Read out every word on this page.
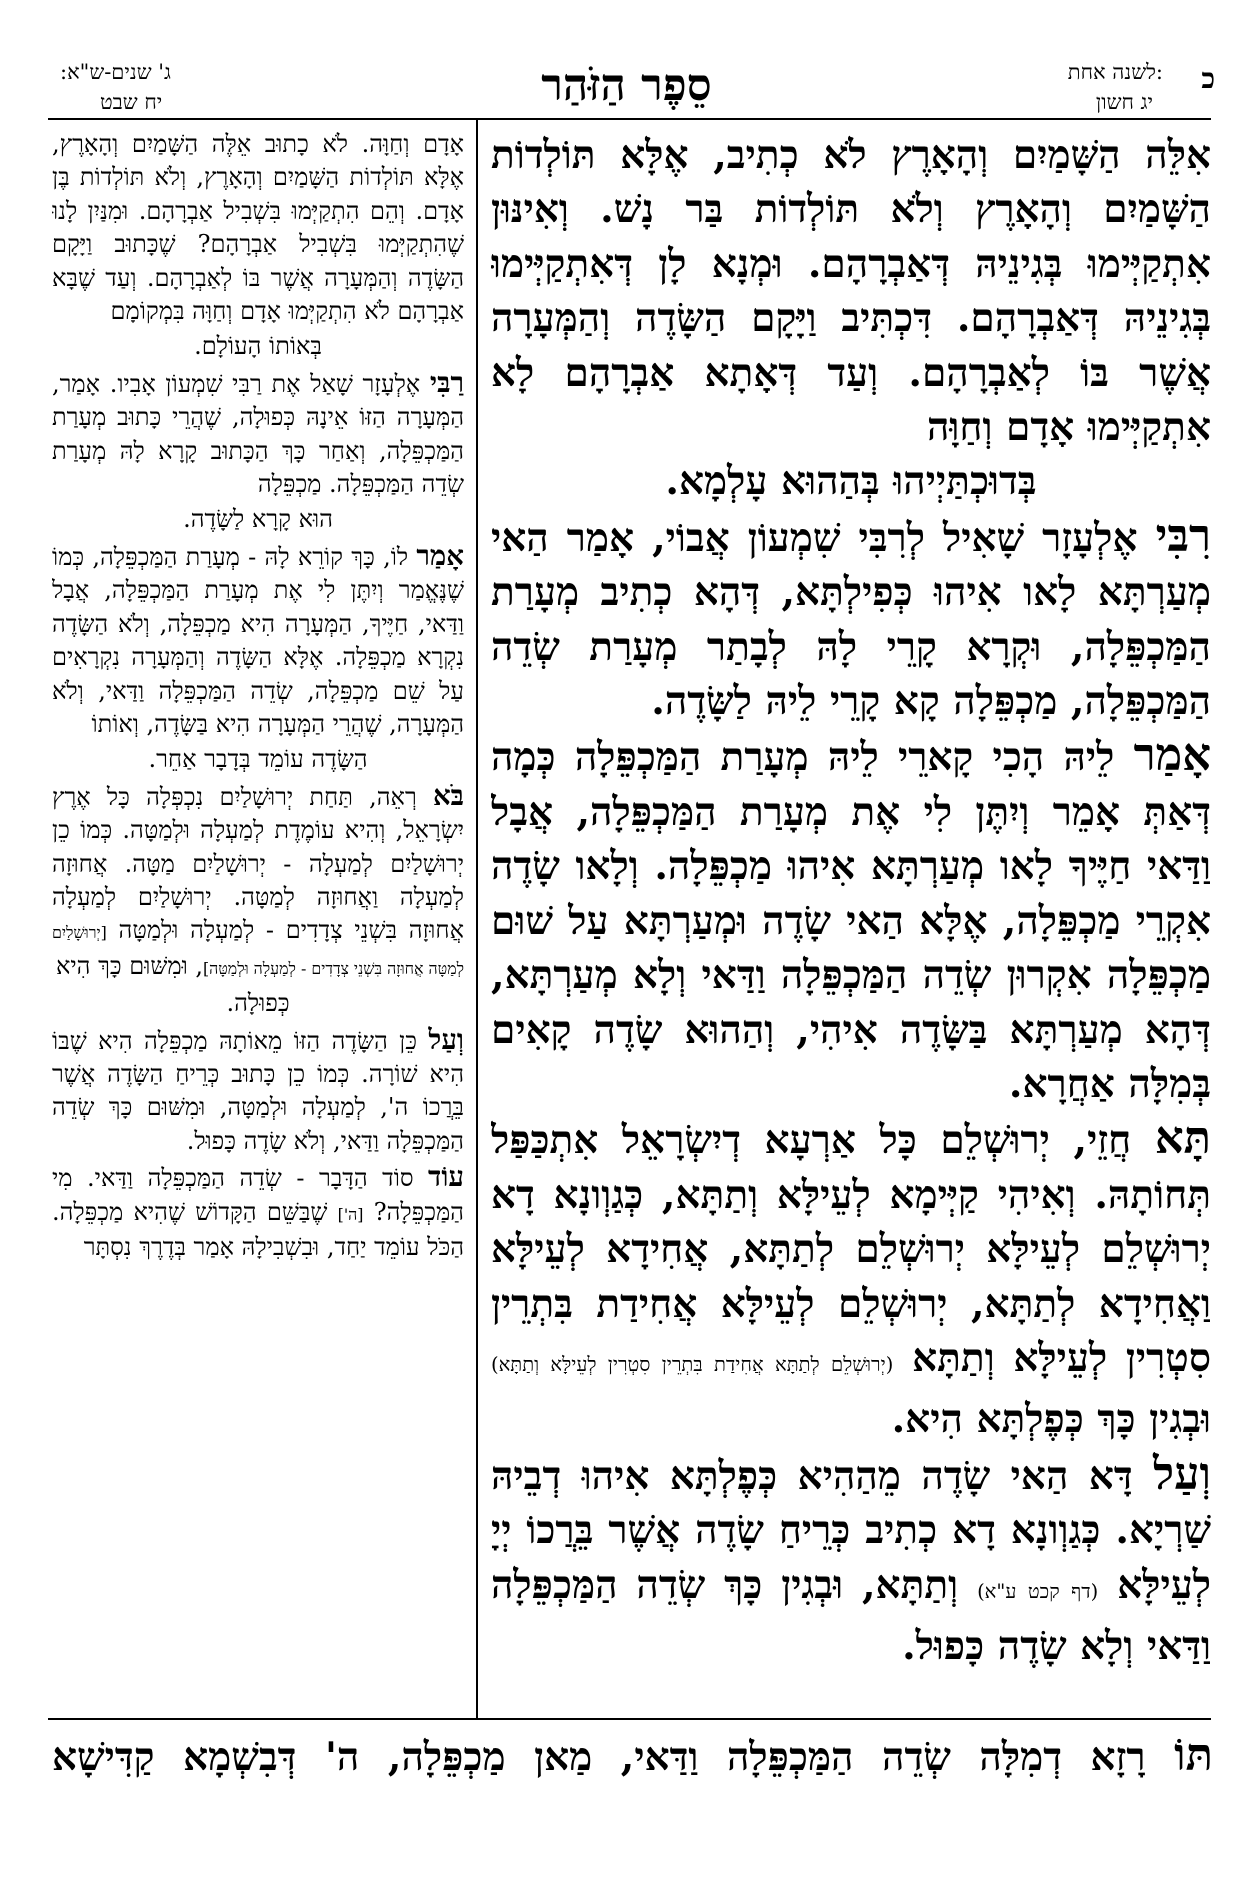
כ
לשנה אחת:
יג חשון
סֵפֶר הַזֹּהַר
ג' שנים-ש"א:
יח שבט

אִלֵּה הַשָּׁמַיִם וְהָאָרֶץ לֹא כְתִיב, אֶלָּא תּוֹלְדוֹת הַשָּׁמַיִם וְהָאָרֶץ וְלֹא תּוֹלְדוֹת בַּר נָשׁ. וְאִינּוּן אִתְקַיְּימוּ בְּגִינֵיהּ דְּאַבְרָהָם. וּמְנָא לָן דְּאִתְקַיְּימוּ בְּגִינֵיהּ דְּאַבְרָהָם. דִּכְתִּיב וַיָּקָם הַשָּׂדֶה וְהַמְּעָרָה אֲשֶׁר בּוֹ לְאַבְרָהָם. וְעַד דְּאָתָא אַבְרָהָם לָא אִתְקַיְּימוּ אָדָם וְחַוָּה

בְּדוּכְתַּיְיהוּ בְּהַהוּא עָלְמָא.

רִבִּי אֶלְעָזָר שָׁאִיל לְרִבִּי שִׁמְעוֹן אֲבוֹי, אָמַר הַאי מְעַרְתָּא לָאו אִיהוּ כְּפִילְתָּא, דְּהָא כְתִיב מְעָרַת הַמַּכְפֵּלָה, וּקְרָא קָרֵי לָהּ לְבָתַר מְעָרַת שְׂדֵה הַמַּכְפֵּלָה, מַכְפֵּלָה קָא קָרֵי לֵיהּ לַשָּׂדֶה.

אָמַר לֵיהּ הָכִי קָארֵי לֵיהּ מְעָרַת הַמַּכְפֵּלָה כְּמָה דְּאַתְּ אָמֵר וְיִתֶּן לִי אֶת מְעָרַת הַמַּכְפֵּלָה, אֲבָל וַדַּאי חַיֶּיךָ לָאו מְעַרְתָּא אִיהוּ מַכְפֵּלָה. וְלָאו שָׂדֶה אִקְרֵי מַכְפֵּלָה, אֶלָּא הַאי שָׂדֶה וּמְעַרְתָּא עַל שׁוּם מַכְפֵּלָה אִקְרוּן שְׂדֵה הַמַּכְפֵּלָה וַדַּאי וְלָא מְעַרְתָּא, דְּהָא מְעַרְתָּא בַּשָּׂדֶה אִיהִי, וְהַהוּא שָׂדֶה קָאִים בְּמִלָּה אַחֲרָא.

תָּא חֲזֵי, יְרוּשְׁלֵם כָּל אַרְעָא דְיִשְׂרָאֵל אִתְכַּפַּל תְּחוֹתָהּ. וְאִיהִי קַיְּימָא לְעֵילָּא וְתַתָּא, כְּגַוְונָא דָא יְרוּשְׁלֵם לְעֵילָּא יְרוּשְׁלֵם לְתַתָּא, אֲחִידָא לְעֵילָּא וַאֲחִידָא לְתַתָּא, יְרוּשְׁלֵם לְעֵילָּא אֲחִידַת בִּתְרֵין סִטְרִין לְעֵילָּא וְתַתָּא (יְרוּשְׁלֵם לְתַתָּא אֲחִידַת בִּתְרֵין סִטְרִין לְעֵילָּא וְתַתָּא) וּבְגִין כָּךְ כְּפֶלְתָּא הִיא.

וְעַל דָּא הַאי שָׂדֶה מֵהַהִיא כְּפֶלְתָּא אִיהוּ דְבֵיהּ שַׁרְיָא. כְּגַוְונָא דָא כְתִיב כְּרֵיחַ שָׂדֶה אֲשֶׁר בֵּרֲכוֹ יְיָ לְעֵילָּא (דף קכט ע"א) וְתַתָּא, וּבְגִין כָּךְ שְׂדֵה הַמַּכְפֵּלָה וַדַּאי וְלָא שָׂדֶה כָּפוּל.

אָדָם וְחַוָּה. לֹא כָתוּב אֵלֶּה הַשָּׁמַיִם וְהָאָרֶץ, אֶלָּא תּוֹלְדוֹת הַשָּׁמַיִם וְהָאָרֶץ, וְלֹא תּוֹלְדוֹת בֶּן אָדָם. וְהֵם הִתְקַיְּמוּ בִּשְׁבִיל אַבְרָהָם. וּמִנַּיִן לָנוּ שֶׁהִתְקַיְּמוּ בִּשְׁבִיל אַבְרָהָם? שֶׁכָּתוּב וַיָּקָם הַשָּׂדֶה וְהַמְּעָרָה אֲשֶׁר בּוֹ לְאַבְרָהָם. וְעַד שֶׁבָּא אַבְרָהָם לֹא הִתְקַיְּמוּ אָדָם וְחַוָּה בִּמְקוֹמָם

בְּאוֹתוֹ הָעוֹלָם.

רַבִּי אֶלְעָזָר שָׁאַל אֶת רַבִּי שִׁמְעוֹן אָבִיו. אָמַר, הַמְּעָרָה הַזּוֹ אֵינָהּ כְּפוּלָה, שֶׁהֲרֵי כָּתוּב מְעָרַת הַמַּכְפֵּלָה, וְאַחַר כָּךְ הַכָּתוּב קָרָא לָהּ מְעָרַת שְׂדֵה הַמַּכְפֵּלָה. מַכְפֵּלָה

הוּא קָרָא לַשָּׂדֶה.

אָמַר לוֹ, כָּךְ קוֹרֵא לָהּ - מְעָרַת הַמַּכְפֵּלָה, כְּמוֹ שֶׁנֶּאֱמַר וְיִתֶּן לִי אֶת מְעָרַת הַמַּכְפֵּלָה, אֲבָל וַדַּאי, חַיֶּיךָ, הַמְּעָרָה הִיא מַכְפֵּלָה, וְלֹא הַשָּׂדֶה נִקְרָא מַכְפֵּלָה. אֶלָּא הַשָּׂדֶה וְהַמְּעָרָה נִקְרָאִים עַל שֵׁם מַכְפֵּלָה, שְׂדֵה הַמַּכְפֵּלָה וַדַּאי, וְלֹא הַמְּעָרָה, שֶׁהֲרֵי הַמְּעָרָה הִיא בַּשָּׂדֶה, וְאוֹתוֹ

הַשָּׂדֶה עוֹמֵד בְּדָבָר אַחֵר.

בֹּא רְאֵה, תַּחַת יְרוּשָׁלַיִם נִכְפְּלָה כָּל אֶרֶץ יִשְׂרָאֵל, וְהִיא עוֹמֶדֶת לְמַעְלָה וּלְמַטָּה. כְּמוֹ כֵן יְרוּשָׁלַיִם לְמַעְלָה - יְרוּשָׁלַיִם מַטָּה. אֲחוּזָה לְמַעְלָה וַאֲחוּזָה לְמַטָּה. יְרוּשָׁלַיִם לְמַעְלָה אֲחוּזָה בִּשְׁנֵי צְדָדִים - לְמַעְלָה וּלְמַטָּה [יְרוּשָׁלַיִם לְמַטָּה אֲחוּזָה בִּשְׁנֵי צְדָדִים - לְמַעְלָה וּלְמַטָּה], וּמִשּׁוּם כָּךְ הִיא

כְּפוּלָה.

וְעַל כֵּן הַשָּׂדֶה הַזּוֹ מֵאוֹתָהּ מַכְפֵּלָה הִיא שֶׁבּוֹ הִיא שׁוֹרָה. כְּמוֹ כֵן כָּתוּב כְּרֵיחַ הַשָּׂדֶה אֲשֶׁר בֵּרֲכוֹ ה', לְמַעְלָה וּלְמַטָּה, וּמִשּׁוּם כָּךְ שְׂדֵה הַמַּכְפֵּלָה וַדַּאי, וְלֹא שָׂדֶה כָּפוּל.

עוֹד סוֹד הַדָּבָר - שְׂדֵה הַמַּכְפֵּלָה וַדַּאי. מִי הַמַּכְפֵּלָה? [ה'] שֶׁבַּשֵּׁם הַקָּדוֹשׁ שֶׁהִיא מַכְפֵּלָה. הַכֹּל עוֹמֵד יַחַד, וּבִשְׁבִילָהּ אָמַר בְּדֶרֶךְ נִסְתָּר

תּוֹ רָזָא דְמִלָּה שְׂדֵה הַמַּכְפֵּלָה וַדַּאי, מַאן מַכְפֵּלָה, ה' דְּבִשְׁמָא קַדִּישָׁא
